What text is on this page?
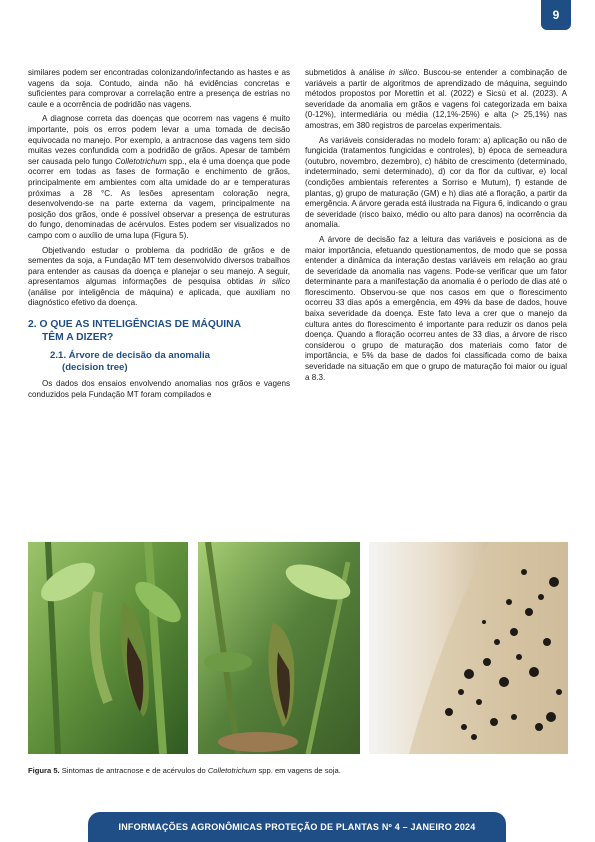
9

similares podem ser encontradas colonizando/infectando as hastes e as vagens da soja. Contudo, ainda não há evidências concretas e suficientes para comprovar a correlação entre a presença de estrias no caule e a ocorrência de podridão nas vagens.

A diagnose correta das doenças que ocorrem nas vagens é muito importante, pois os erros podem levar a uma tomada de decisão equivocada no manejo. Por exemplo, a antracnose das vagens tem sido muitas vezes confundida com a podridão de grãos. Apesar de também ser causada pelo fungo Colletotrichum spp., ela é uma doença que pode ocorrer em todas as fases de formação e enchimento de grãos, principalmente em ambientes com alta umidade do ar e temperaturas próximas a 28 °C. As lesões apresentam coloração negra, desenvolvendo-se na parte externa da vagem, principalmente na posição dos grãos, onde é possível observar a presença de estruturas do fungo, denominadas de acérvulos. Estes podem ser visualizados no campo com o auxílio de uma lupa (Figura 5).

Objetivando estudar o problema da podridão de grãos e de sementes da soja, a Fundação MT tem desenvolvido diversos trabalhos para entender as causas da doença e planejar o seu manejo. A seguir, apresentamos algumas informações de pesquisa obtidas in silico (análise por inteligência de máquina) e aplicada, que auxiliam no diagnóstico efetivo da doença.

2. O QUE AS INTELIGÊNCIAS DE MÁQUINA
TÊM A DIZER?
2.1. Árvore de decisão da anomalia
(decision tree)

Os dados dos ensaios envolvendo anomalias nos grãos e vagens conduzidos pela Fundação MT foram compilados e

submetidos à análise in silico. Buscou-se entender a combinação de variáveis a partir de algoritmos de aprendizado de máquina, seguindo métodos propostos por Morettin et al. (2022) e Sicsú et al. (2023). A severidade da anomalia em grãos e vagens foi categorizada em baixa (0-12%), intermediária ou média (12,1%-25%) e alta (> 25,1%) nas amostras, em 380 registros de parcelas experimentais.

As variáveis consideradas no modelo foram: a) aplicação ou não de fungicida (tratamentos fungicidas e controles), b) época de semeadura (outubro, novembro, dezembro), c) hábito de crescimento (determinado, indeterminado, semi determinado), d) cor da flor da cultivar, e) local (condições ambientais referentes a Sorriso e Mutum), f) estande de plantas, g) grupo de maturação (GM) e h) dias até a floração, a partir da emergência. A árvore gerada está ilustrada na Figura 6, indicando o grau de severidade (risco baixo, médio ou alto para danos) na ocorrência da anomalia.

A árvore de decisão faz a leitura das variáveis e posiciona as de maior importância, efetuando questionamentos, de modo que se possa entender a dinâmica da interação destas variáveis em relação ao grau de severidade da anomalia nas vagens. Pode-se verificar que um fator determinante para a manifestação da anomalia é o período de dias até o florescimento. Observou-se que nos casos em que o florescimento ocorreu 33 dias após a emergência, em 49% da base de dados, houve baixa severidade da doença. Este fato leva a crer que o manejo da cultura antes do florescimento é importante para reduzir os danos pela doença. Quando a floração ocorreu antes de 33 dias, a árvore de risco considerou o grupo de maturação dos materiais como fator de importância, e 5% da base de dados foi classificada como de baixa severidade na situação em que o grupo de maturação foi maior ou igual a 8.3.

Figura 5. Sintomas de antracnose e de acérvulos do Colletotrichum spp. em vagens de soja.
INFORMAÇÕES AGRONÔMICAS PROTEÇÃO DE PLANTAS Nº 4 – JANEIRO 2024
